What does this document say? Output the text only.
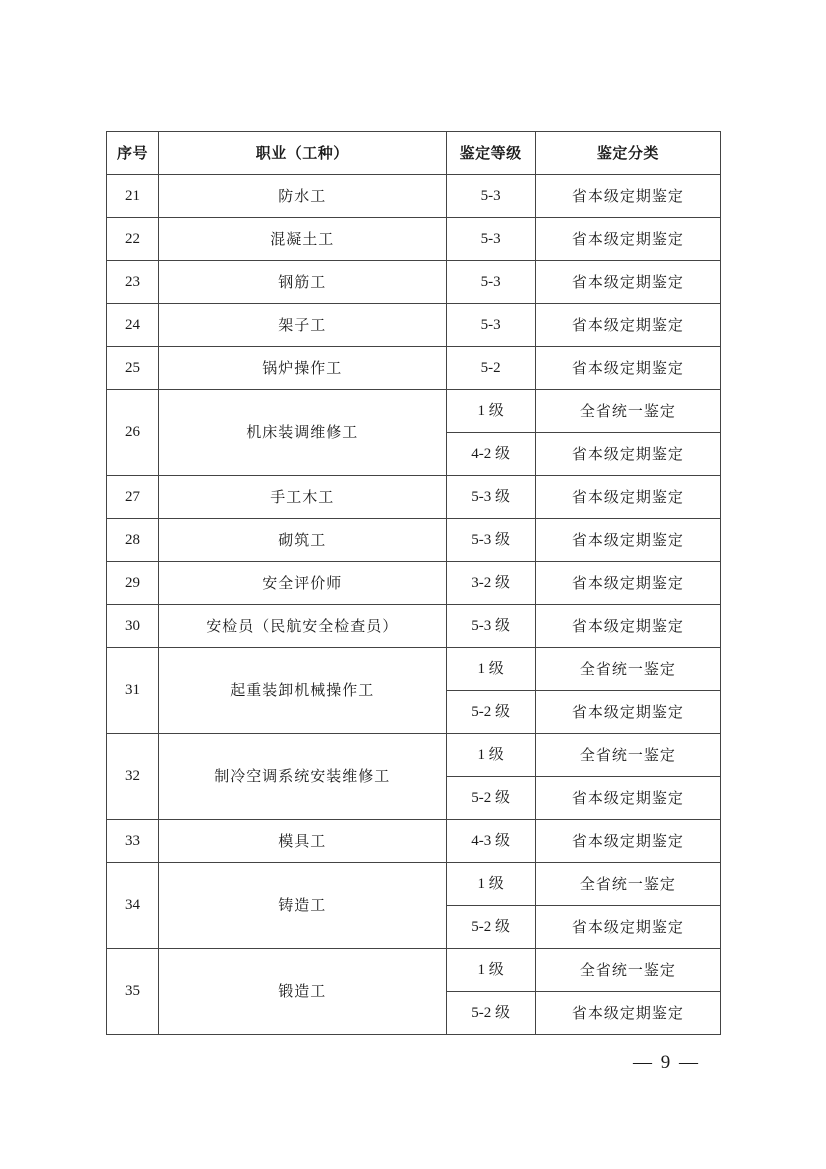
序号	职业（工种）	鉴定等级	鉴定分类
21	防水工	5-3	省本级定期鉴定
22	混凝土工	5-3	省本级定期鉴定
23	钢筋工	5-3	省本级定期鉴定
24	架子工	5-3	省本级定期鉴定
25	锅炉操作工	5-2	省本级定期鉴定
26	机床装调维修工	1 级	全省统一鉴定
		4-2 级	省本级定期鉴定
27	手工木工	5-3 级	省本级定期鉴定
28	砌筑工	5-3 级	省本级定期鉴定
29	安全评价师	3-2 级	省本级定期鉴定
30	安检员（民航安全检查员）	5-3 级	省本级定期鉴定
31	起重装卸机械操作工	1 级	全省统一鉴定
		5-2 级	省本级定期鉴定
32	制冷空调系统安装维修工	1 级	全省统一鉴定
		5-2 级	省本级定期鉴定
33	模具工	4-3 级	省本级定期鉴定
34	铸造工	1 级	全省统一鉴定
		5-2 级	省本级定期鉴定
35	锻造工	1 级	全省统一鉴定
		5-2 级	省本级定期鉴定
— 9 —
